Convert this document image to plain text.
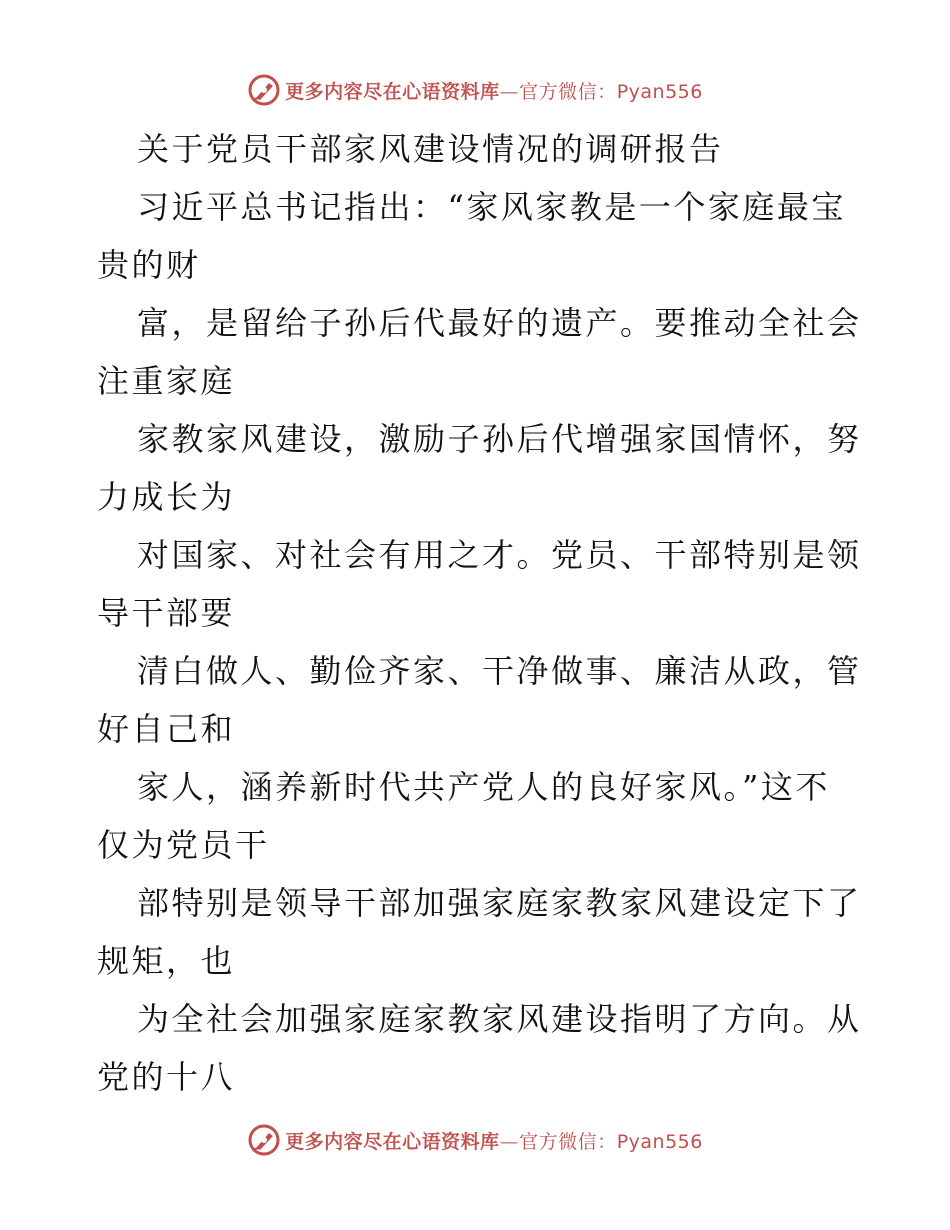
更多内容尽在心语资料库—官方微信：Pyan556
关于党员干部家风建设情况的调研报告
习近平总书记指出：“家风家教是一个家庭最宝
贵的财
富，是留给子孙后代最好的遗产。要推动全社会
注重家庭
家教家风建设，激励子孙后代增强家国情怀，努
力成长为
对国家、对社会有用之才。党员、干部特别是领
导干部要
清白做人、勤俭齐家、干净做事、廉洁从政，管
好自己和
家人，涵养新时代共产党人的良好家风。”这不
仅为党员干
部特别是领导干部加强家庭家教家风建设定下了
规矩，也
为全社会加强家庭家教家风建设指明了方向。从
党的十八
更多内容尽在心语资料库—官方微信：Pyan556
